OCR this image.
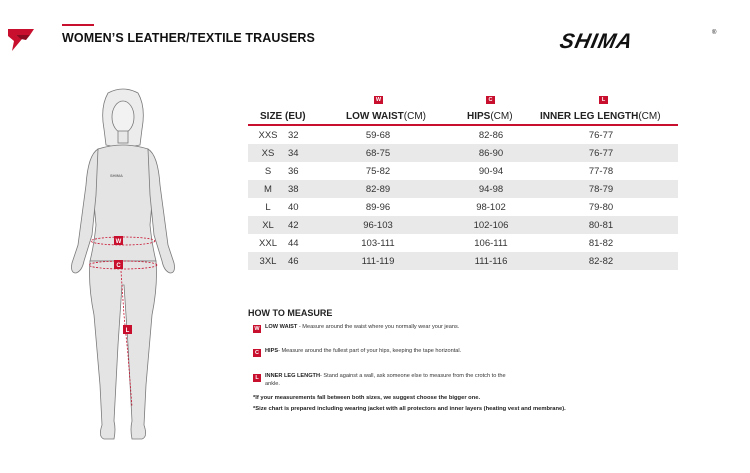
WOMEN’S LEATHER/TEXTILE TRAUSERS	SHIMA	®
SHIMA
W
C
L
W	C	L
SIZE (EU)	LOW WAIST(CM)	HIPS(CM)	INNER LEG LENGTH(CM)
XXS 32	59-68	82-86	76-77
XS	34	68-75	86-90	76-77
S	36	75-82	90-94	77-78
M	38	82-89	94-98	78-79
L	40	89-96	98-102	79-80
XL	42	96-103	102-106	80-81
XXL 44	103-111	106-111	81-82
3XL 46	111-119	111-116	82-82
HOW TO MEASURE
W LOW WAIST - Measure around the waist where you normally wear your jeans.
C	HIPS- Measure around the fullest part of your hips, keeping the tape horizontal.
L	INNER LEG LENGTH- Stand against a wall, ask someone else to measure from the crotch to the ankle.
*If your measurements fall between both sizes, we suggest choose the bigger one.
*Size chart is prepared including wearing jacket with all protectors and inner layers (heating vest and membrane).
